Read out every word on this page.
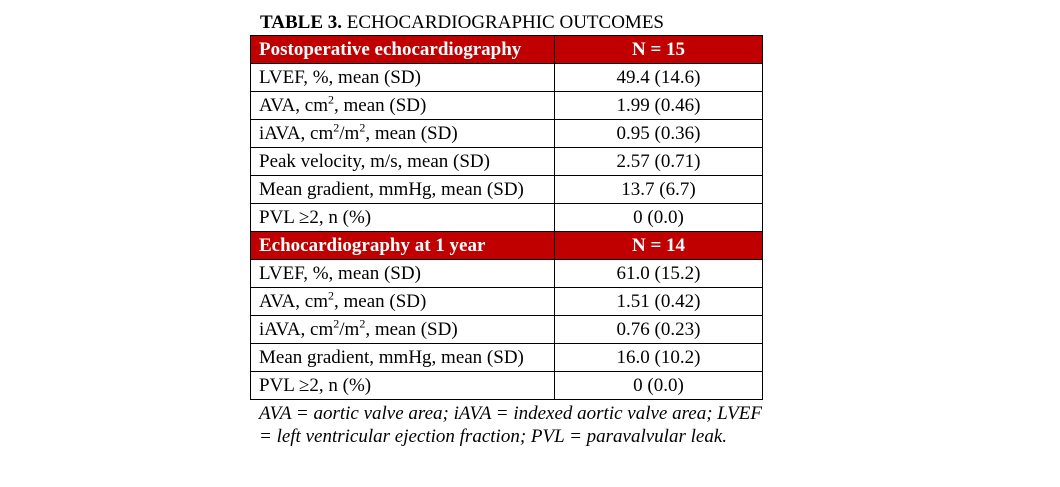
TABLE 3. ECHOCARDIOGRAPHIC OUTCOMES
Postoperative echocardiography	N = 15
LVEF, %, mean (SD)	49.4 (14.6)
AVA, $cm^2$, mean (SD)	1.99 (0.46)
iAVA, $cm^2/m^2$, mean (SD)	0.95 (0.36)
Peak velocity, m/s, mean (SD)	2.57 (0.71)
Mean gradient, mmHg, mean (SD)	13.7 (6.7)
PVL ≥2, n (%)	0 (0.0)
Echocardiography at 1 year	N = 14
LVEF, %, mean (SD)	61.0 (15.2)
AVA, $cm^2$, mean (SD)	1.51 (0.42)
iAVA, $cm^2/m^2$, mean (SD)	0.76 (0.23)
Mean gradient, mmHg, mean (SD)	16.0 (10.2)
PVL ≥2, n (%)	0 (0.0)
AVA = aortic valve area; iAVA = indexed aortic valve area; LVEF = left ventricular ejection fraction; PVL = paravalvular leak.
